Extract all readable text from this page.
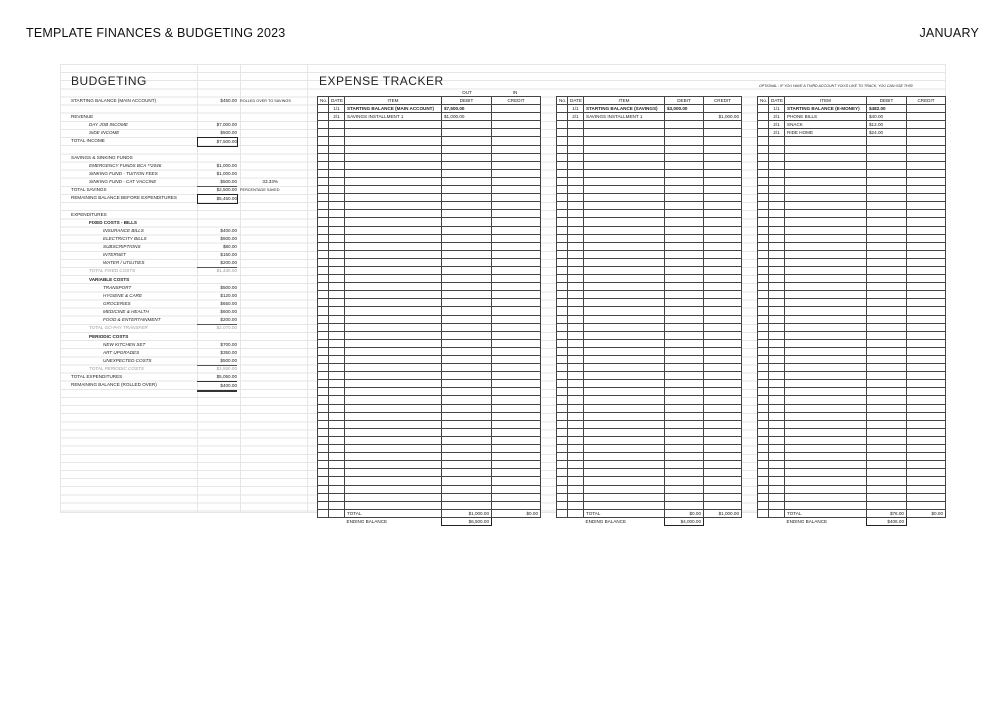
TEMPLATE FINANCES & BUDGETING 2023	JANUARY
BUDGETING
STARTING BALANCE (MAIN ACCOUNT)	$450.00 ROLLED OVER TO SAVINGS
REVENUE
DAY JOB INCOME	$7,000.00
SIDE INCOME	$500.00
TOTAL INCOME	$7,500.00
SAVINGS & SINKING FUNDS
EMERGENCY FUNDS BCA **2046	$1,000.00
SINKING FUND - TUITION FEES	$1,000.00
SINKING FUND - CAT VACCINE	$500.00	33.33%
TOTAL SAVINGS	$2,500.00 PERCENTAGE SAVED
REMAINING BALANCE BEFORE EXPENDITURES	$5,450.00
EXPENDITURES
FIXED COSTS - BILLS
INSURANCE BILLS	$400.00
ELECTRICITY BILLS	$600.00
SUBSCRIPTIONS	$80.00
INTERNET	$150.00
WATER / UTILITIES	$200.00
TOTAL FIXED COSTS	$1,430.00
VARIABLE COSTS
TRANSPORT	$500.00
HYGIENE & CARE	$120.00
GROCERIES	$650.00
MEDICINE & HEALTH	$600.00
FOOD & ENTERTAINMENT	$200.00
TOTAL GO-PAY TRANSFER	$2,070.00
PERIODIC COSTS
NEW KITCHEN SET	$700.00
ART UPGRADES	$350.00
UNEXPECTED COSTS	$500.00
TOTAL PERIODIC COSTS	$1,550.00
TOTAL EXPENDITURES	$5,050.00
REMAINING BALANCE (ROLLED OVER)	$400.00
EXPENSE TRACKER
OUT	IN
OPTIONAL : IF YOU HAVE A THIRD ACCOUNT YOU'D LIKE TO TRACK, YOU CAN USE THIS!
No.	DATE	ITEM	DEBIT	CREDIT
	1/1	STARTING BALANCE (MAIN ACCOUNT)	$7,500.00	
	2/1	SAVINGS INSTALLMENT 1	$1,000.00	

		TOTAL	$1,000.00	$0.00
		ENDING BALANCE	$6,500.00	
No.	DATE	ITEM	DEBIT	CREDIT
	1/1	STARTING BALANCE (SAVINGS)	$3,000.00	
	2/1	SAVINGS INSTALLMENT 1		$1,000.00

		TOTAL	$0.00	$1,000.00
		ENDING BALANCE	$4,000.00	
No.	DATE	ITEM	DEBIT	CREDIT
	1/1	STARTING BALANCE (E-MONEY)	$482.00	
	2/1	PHONE BILLS	$40.00	
	2/1	SNACK	$12.00	
	2/1	RIDE HOME	$24.00	

		TOTAL	$76.00	$0.00
		ENDING BALANCE	$406.00	
